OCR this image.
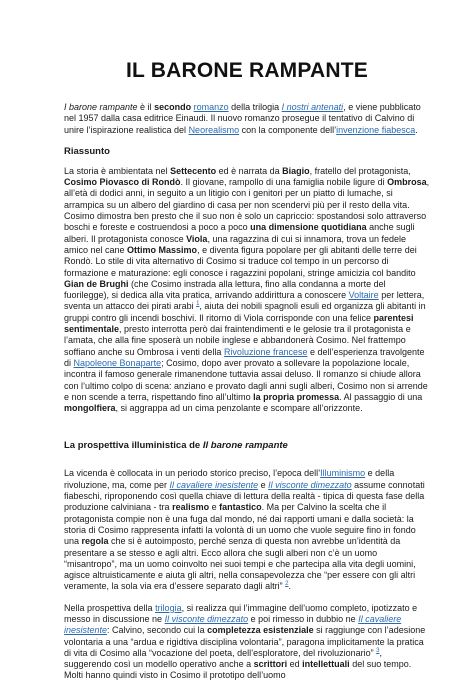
IL BARONE RAMPANTE

I barone rampante è il secondo romanzo della trilogia I nostri antenati, e viene pubblicato nel 1957 dalla casa editrice Einaudi. Il nuovo romanzo prosegue il tentativo di Calvino di unire l’ispirazione realistica del Neorealismo con la componente dell’invenzione fiabesca.

Riassunto

La storia è ambientata nel Settecento ed è narrata da Biagio, fratello del protagonista, Cosimo Piovasco di Rondò. Il giovane, rampollo di una famiglia nobile ligure di Ombrosa, all’età di dodici anni, in seguito a un litigio con i genitori per un piatto di lumache, si arrampica su un albero del giardino di casa per non scendervi più per il resto della vita. Cosimo dimostra ben presto che il suo non è solo un capriccio: spostandosi solo attraverso boschi e foreste e costruendosi a poco a poco una dimensione quotidiana anche sugli alberi. Il protagonista conosce Viola, una ragazzina di cui si innamora, trova un fedele amico nel cane Ottimo Massimo, e diventa figura popolare per gli abitanti delle terre dei Rondò. Lo stile di vita alternativo di Cosimo si traduce col tempo in un percorso di formazione e maturazione: egli conosce i ragazzini popolani, stringe amicizia col bandito Gian de Brughi (che Cosimo instrada alla lettura, fino alla condanna a morte del fuorilegge), si dedica alla vita pratica, arrivando addirittura a conoscere Voltaire per lettera, sventa un attacco dei pirati arabi $^1$, aiuta dei nobili spagnoli esuli ed organizza gli abitanti in gruppi contro gli incendi boschivi. Il ritorno di Viola corrisponde con una felice parentesi sentimentale, presto interrotta però dai fraintendimenti e le gelosie tra il protagonista e l’amata, che alla fine sposerà un nobile inglese e abbandonerà Cosimo. Nel frattempo soffiano anche su Ombrosa i venti della Rivoluzione francese e dell’esperienza travolgente di Napoleone Bonaparte; Cosimo, dopo aver provato a sollevare la popolazione locale, incontra il famoso generale rimanendone tuttavia assai deluso. Il romanzo si chiude allora con l’ultimo colpo di scena: anziano e provato dagli anni sugli alberi, Cosimo non si arrende e non scende a terra, rispettando fino all’ultimo la propria promessa. Al passaggio di una mongolfiera, si aggrappa ad un cima penzolante e scompare all’orizzonte.

La prospettiva illuministica de Il barone rampante

La vicenda è collocata in un periodo storico preciso, l’epoca dell’Illuminismo e della rivoluzione, ma, come per Il cavaliere inesistente e Il visconte dimezzato assume connotati fiabeschi, riproponendo così quella chiave di lettura della realtà - tipica di questa fase della produzione calviniana - tra realismo e fantastico. Ma per Calvino la scelta che il protagonista compie non è una fuga dal mondo, né dai rapporti umani e dalla società: la storia di Cosimo rappresenta infatti la volontà di un uomo che vuole seguire fino in fondo una regola che si è autoimposto, perché senza di questa non avrebbe un’identità da presentare a se stesso e agli altri. Ecco allora che sugli alberi non c’è un uomo “misantropo”, ma un uomo coinvolto nei suoi tempi e che partecipa alla vita degli uomini, agisce altruisticamente e aiuta gli altri, nella consapevolezza che “per essere con gli altri veramente, la sola via era d’essere separato dagli altri” $^2$.

Nella prospettiva della trilogia, si realizza qui l’immagine dell’uomo completo, ipotizzato e messo in discussione ne Il visconte dimezzato e poi rimesso in dubbio ne Il cavaliere inesistente: Calvino, secondo cui la completezza esistenziale si raggiunge con l’adesione volontaria a una “ardua e rigidtiva disciplina volontaria”, paragona implicitamente la pratica di vita di Cosimo alla “vocazione del poeta, dell’esploratore, del rivoluzionario” $^3$, suggerendo così un modello operativo anche a scrittori ed intellettuali del suo tempo. Molti hanno quindi visto in Cosimo il prototipo dell’uomo
